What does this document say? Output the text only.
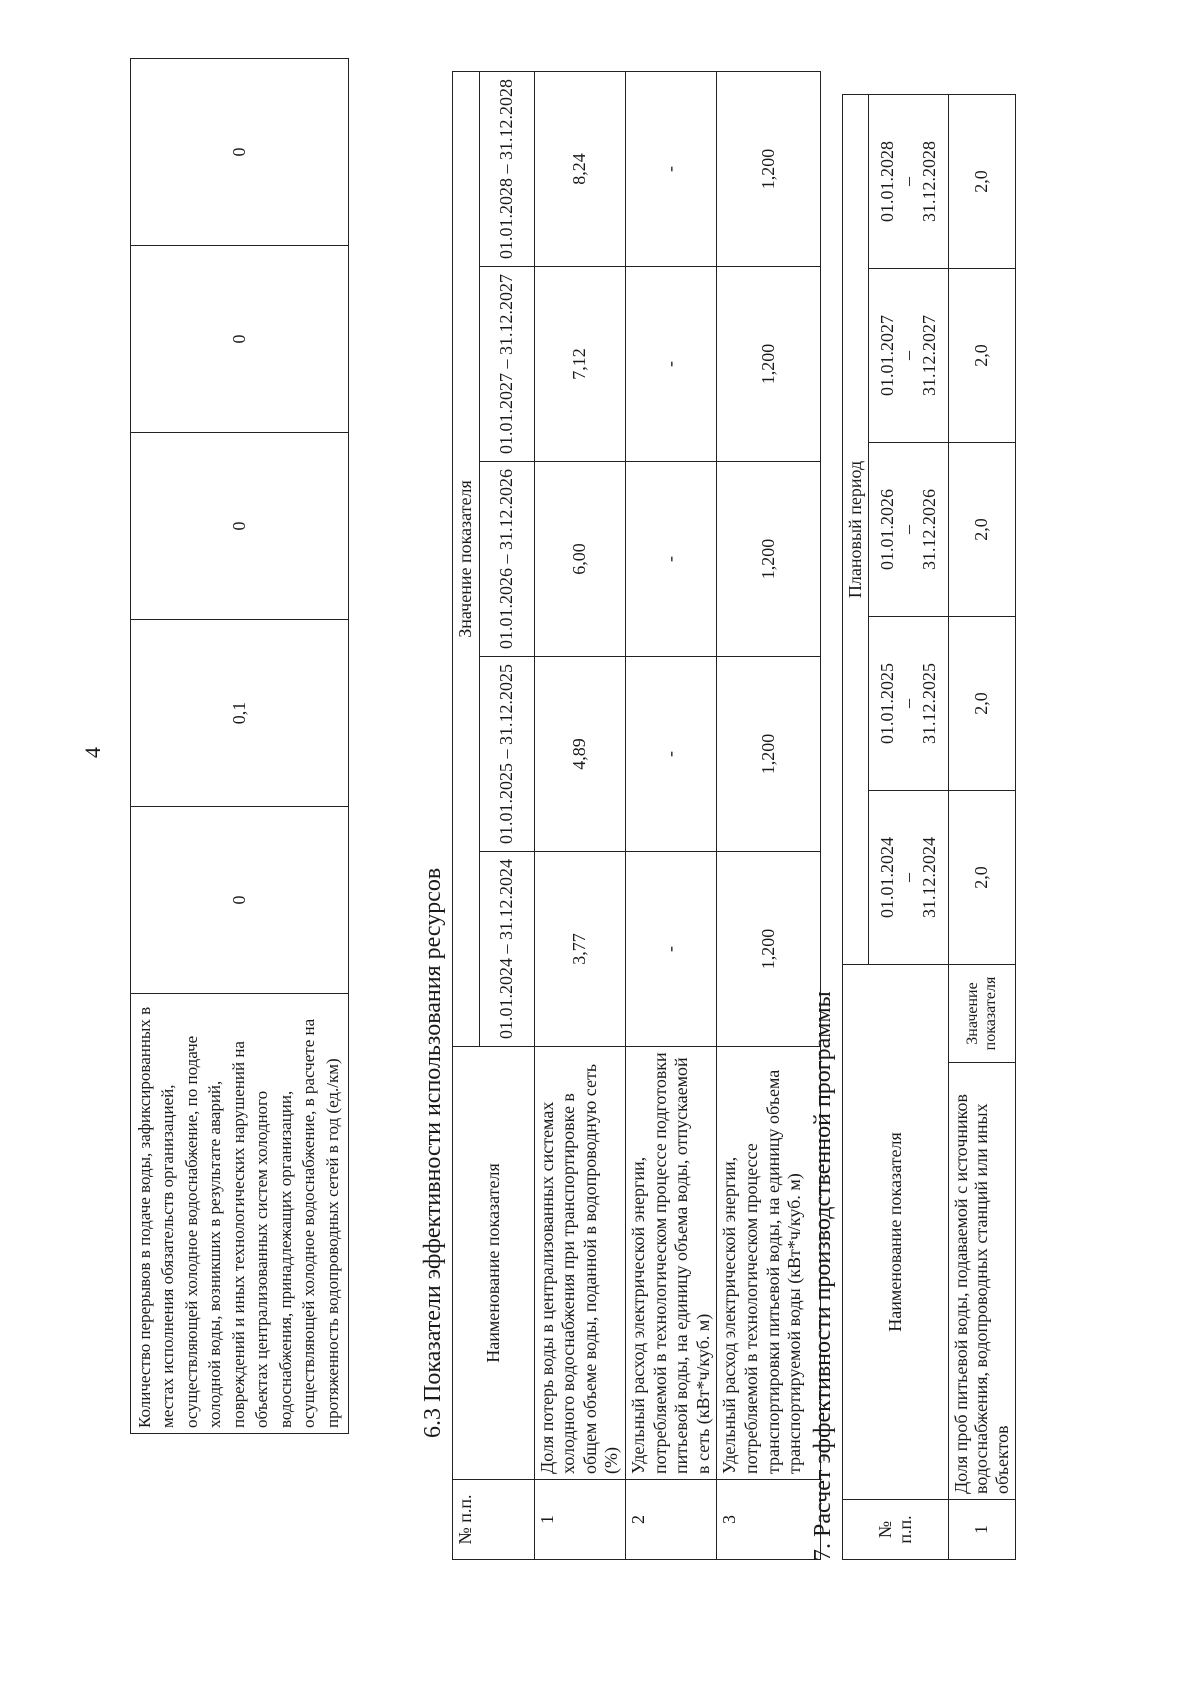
4
Количество перерывов в подаче воды, зафиксированных в местах исполнения обязательств организацией, осуществляющей холодное водоснабжение, по подаче холодной воды, возникших в результате аварий, повреждений и иных технологических нарушений на объектах централизованных систем холодного водоснабжения, принадлежащих организации, осуществляющей холодное водоснабжение, в расчете на протяженность водопроводных сетей в год (ед./км)	0	0,1	0	0	0
6.3 Показатели эффективности использования ресурсов
№ п.п.	Наименование показателя	Значение показателя				
		01.01.2024 – 31.12.2024	01.01.2025 – 31.12.2025	01.01.2026 – 31.12.2026	01.01.2027 – 31.12.2027	01.01.2028 – 31.12.2028
1	Доля потерь воды в централизованных системах холодного водоснабжения при транспортировке в общем объеме воды, поданной в водопроводную сеть (%)	3,77	4,89	6,00	7,12	8,24
2	Удельный расход электрической энергии, потребляемой в технологическом процессе подготовки питьевой воды, на единицу объема воды, отпускаемой в сеть (кВт*ч/куб. м)	-	-	-	-	-
3	Удельный расход электрической энергии, потребляемой в технологическом процессе транспортировки питьевой воды, на единицу объема транспортируемой воды (кВт*ч/куб. м)	1,200	1,200	1,200	1,200	1,200
7. Расчет эффективности производственной программы № п.п.	Наименование показателя		Плановый период				
			01.01.2024
–
31.12.2024	01.01.2025
–
31.12.2025	01.01.2026
–
31.12.2026	01.01.2027
–
31.12.2027	01.01.2028
–
31.12.2028
1	Доля проб питьевой воды, подаваемой с источников водоснабжения, водопроводных станций или иных объектов	Значение показателя	2,0	2,0	2,0	2,0	2,0
